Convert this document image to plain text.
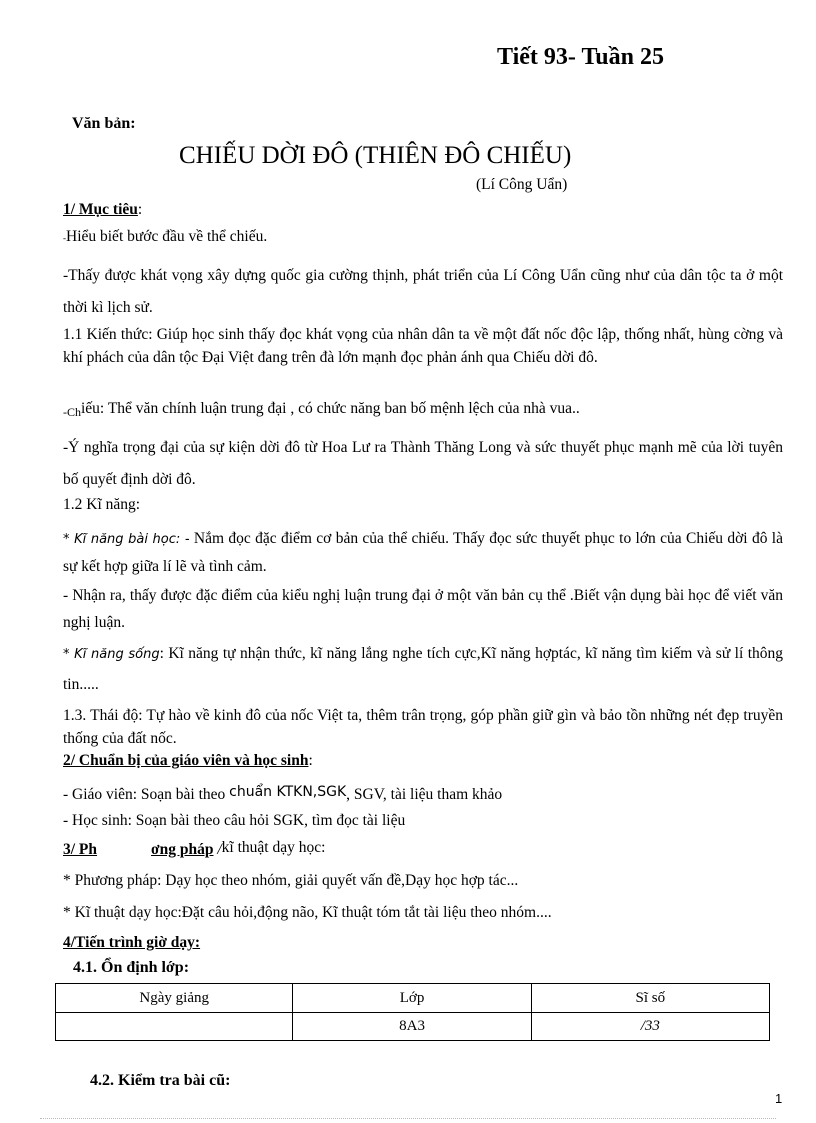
Tiết 93- Tuần 25
Văn bản:
CHIẾU DỜI ĐÔ (THIÊN ĐÔ CHIẾU)
(Lí Công Uẩn)
1/ Mục tiêu:
-Hiểu biết bước đầu về thể chiếu.
-Thấy được khát vọng xây dựng quốc gia cường thịnh, phát triển của Lí Công Uẩn cũng như của dân tộc ta ở một thời kì lịch sử.
1.1 Kiến thức: Giúp học sinh thấy đọc khát vọng của nhân dân ta về một đất nốc độc lập, thống nhất, hùng cờng và khí phách của dân tộc Đại Việt đang trên đà lớn mạnh đọc phản ánh qua Chiếu dời đô.
-Chiếu: Thể văn chính luận trung đại , có chức năng ban bố mệnh lệch của nhà vua..
-Ý nghĩa trọng đại của sự kiện dời đô từ Hoa Lư ra Thành Thăng Long và sức thuyết phục mạnh mẽ của lời tuyên bố quyết định dời đô.
1.2 Kĩ năng:
* Kĩ năng bài học: - Nắm đọc đặc điểm cơ bản của thể chiếu. Thấy đọc sức thuyết phục to lớn của Chiếu dời đô là sự kết hợp giữa lí lẽ và tình cảm.
- Nhận ra, thấy được đặc điểm của kiểu nghị luận trung đại ở một văn bản cụ thể .Biết vận dụng bài học để viết văn nghị luận.
* Kĩ năng sống: Kĩ năng tự nhận thức, kĩ năng lắng nghe tích cực,Kĩ năng hợptác, kĩ năng tìm kiếm và sử lí thông tin.....
1.3. Thái độ: Tự hào về kinh đô của nốc Việt ta, thêm trân trọng, góp phần giữ gìn và bảo tồn những nét đẹp truyền thống của đất nốc.
2/ Chuẩn bị của giáo viên và học sinh:
- Giáo viên: Soạn bài theo chuẩn KTKN,SGK, SGV, tài liệu tham khảo
- Học sinh: Soạn bài theo câu hỏi SGK, tìm đọc tài liệu
3/ Ph	ơng pháp /kĩ thuật dạy học:
* Phương pháp: Dạy học theo nhóm, giải quyết vấn đề,Dạy học hợp tác...
* Kĩ thuật dạy học:Đặt câu hỏi,động não, Kĩ thuật tóm tắt tài liệu theo nhóm....
4/Tiến trình giờ dạy:
4.1. Ổn định lớp:
Ngày giảng	Lớp	Sĩ số
	8A3	/33
4.2. Kiểm tra bài cũ:
1
